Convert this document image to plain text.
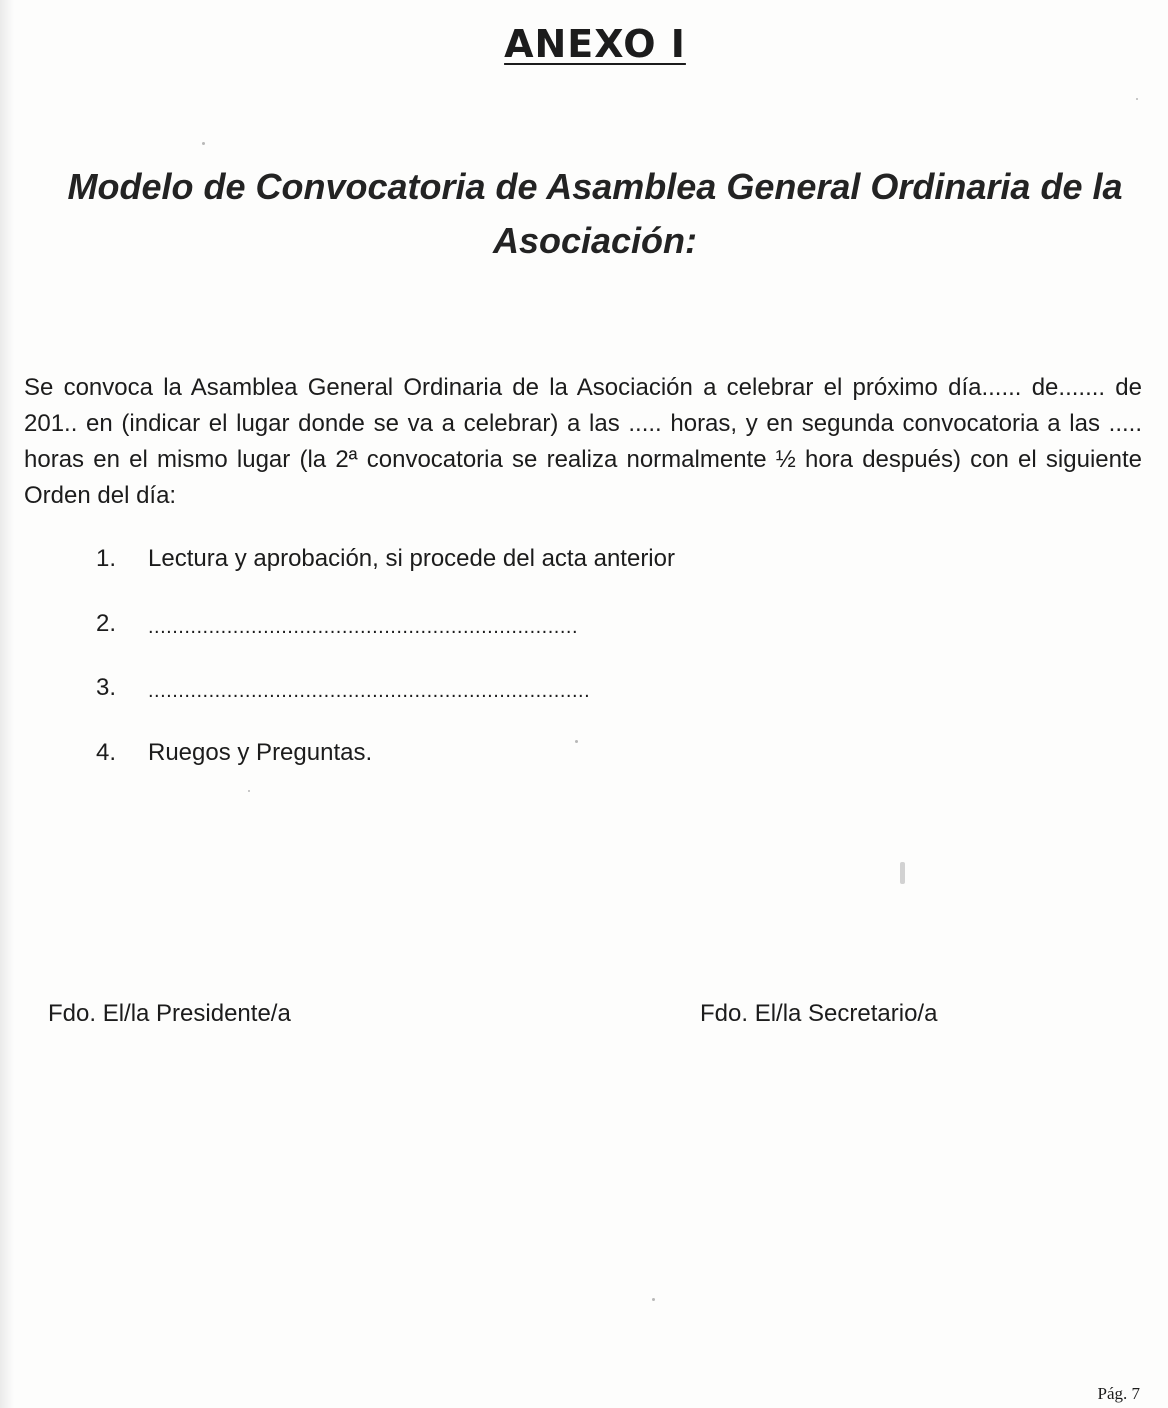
ANEXO I
Modelo de Convocatoria de Asamblea General Ordinaria de la Asociación:
Se convoca la Asamblea General Ordinaria de la Asociación a celebrar el próximo día...... de....... de 201.. en (indicar el lugar donde se va a celebrar) a las ..... horas, y en segunda convocatoria a las ..... horas en el mismo lugar (la 2ª convocatoria se realiza normalmente ½ hora después) con el siguiente Orden del día:
1.	Lectura y aprobación, si procede del acta anterior
2.	.......................................................................
3.	.........................................................................
4.	Ruegos y Preguntas.
Fdo. El/la Presidente/a	Fdo. El/la Secretario/a
Pág. 7
